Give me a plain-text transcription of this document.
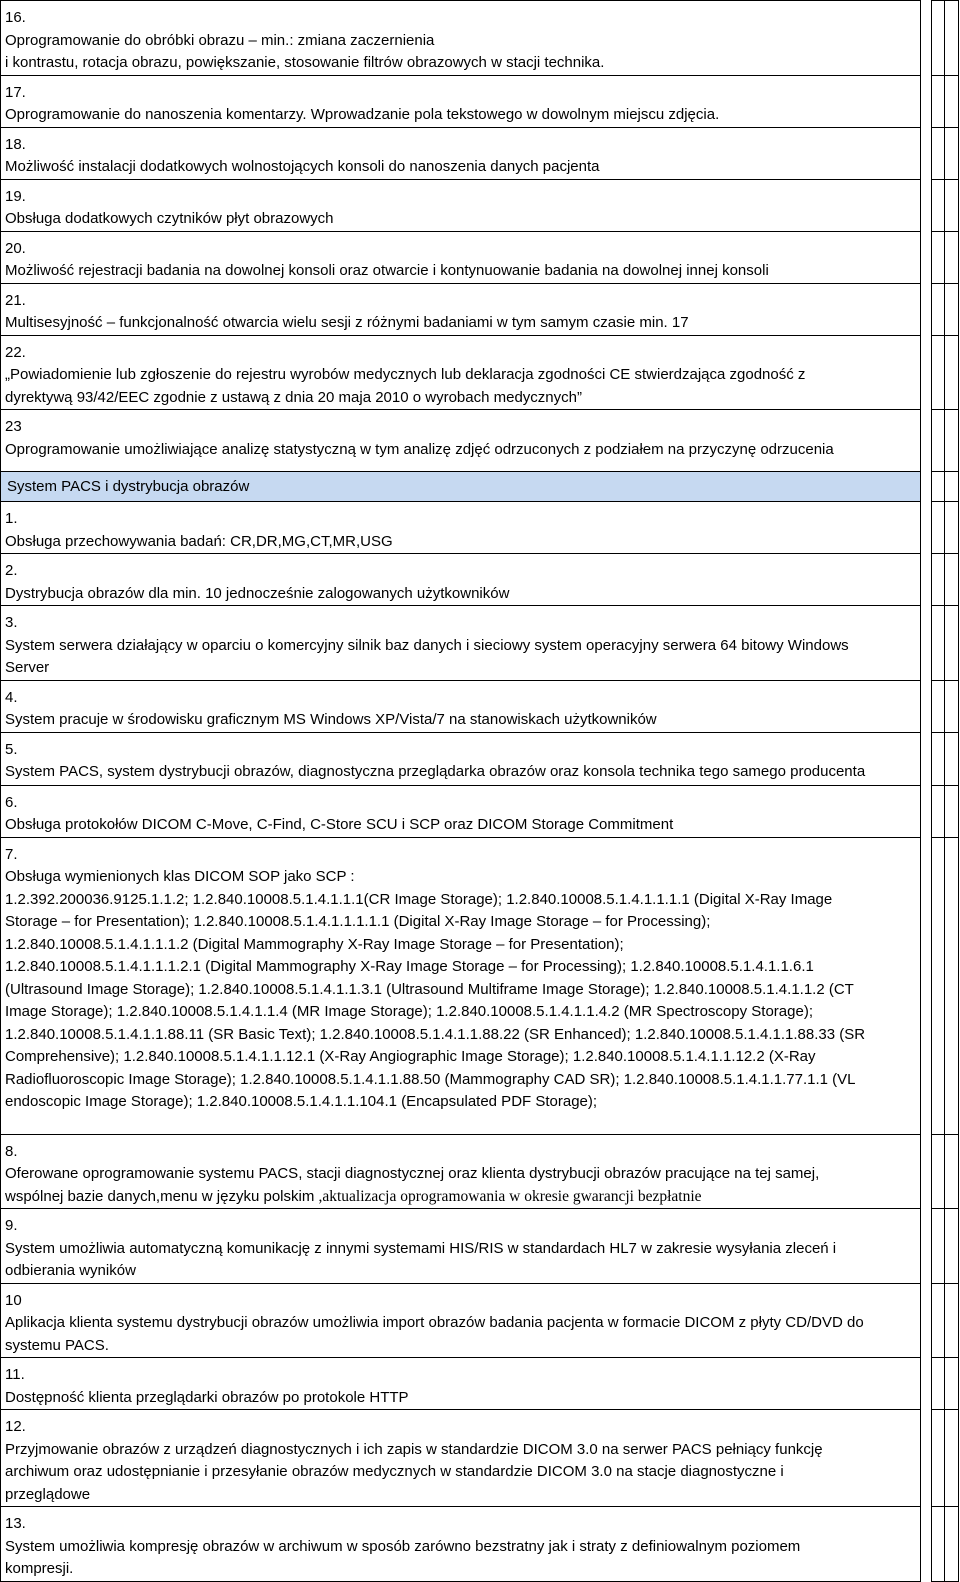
16.Oprogramowanie do obróbki obrazu – min.: zmiana zaczernienia
i kontrastu, rotacja obrazu, powiększanie, stosowanie filtrów obrazowych w stacji technika.			
17.Oprogramowanie do nanoszenia komentarzy. Wprowadzanie pola tekstowego w dowolnym miejscu zdjęcia.			
18.Możliwość instalacji dodatkowych wolnostojących konsoli do nanoszenia danych pacjenta			
19.Obsługa dodatkowych czytników płyt obrazowych			
20.Możliwość rejestracji badania na dowolnej konsoli oraz otwarcie i kontynuowanie badania na dowolnej innej konsoli			
21.Multisesyjność – funkcjonalność otwarcia wielu sesji z różnymi badaniami w tym samym czasie min. 17			
22.„Powiadomienie lub zgłoszenie do rejestru wyrobów medycznych lub deklaracja zgodności CE stwierdzająca zgodność z dyrektywą 93/42/EEC zgodnie z ustawą z dnia 20 maja 2010 o wyrobach medycznych”			
23Oprogramowanie umożliwiające analizę statystyczną w tym analizę zdjęć odrzuconych z podziałem na przyczynę odrzucenia			
System PACS i dystrybucja obrazów			
1.Obsługa przechowywania badań: CR,DR,MG,CT,MR,USG			
2.Dystrybucja obrazów dla min. 10 jednocześnie zalogowanych użytkowników			
3.System serwera działający w oparciu o komercyjny silnik baz danych i sieciowy system operacyjny serwera 64 bitowy Windows Server			
4.System pracuje w środowisku graficznym MS Windows XP/Vista/7 na stanowiskach użytkowników			
5.System PACS, system dystrybucji obrazów, diagnostyczna przeglądarka obrazów oraz konsola technika tego samego producenta			
6.Obsługa protokołów DICOM C-Move, C-Find, C-Store SCU i SCP oraz DICOM Storage Commitment			
7.Obsługa wymienionych klas DICOM SOP jako SCP :
1.2.392.200036.9125.1.1.2; 1.2.840.10008.5.1.4.1.1.1(CR Image Storage); 1.2.840.10008.5.1.4.1.1.1.1 (Digital X-Ray Image Storage – for Presentation); 1.2.840.10008.5.1.4.1.1.1.1.1 (Digital X-Ray Image Storage – for Processing); 1.2.840.10008.5.1.4.1.1.1.2 (Digital Mammography X-Ray Image Storage – for Presentation);
1.2.840.10008.5.1.4.1.1.1.2.1 (Digital Mammography X-Ray Image Storage – for Processing); 1.2.840.10008.5.1.4.1.1.6.1 (Ultrasound Image Storage); 1.2.840.10008.5.1.4.1.1.3.1 (Ultrasound Multiframe Image Storage); 1.2.840.10008.5.1.4.1.1.2 (CT Image Storage); 1.2.840.10008.5.1.4.1.1.4 (MR Image Storage); 1.2.840.10008.5.1.4.1.1.4.2 (MR Spectroscopy Storage); 1.2.840.10008.5.1.4.1.1.88.11 (SR Basic Text); 1.2.840.10008.5.1.4.1.1.88.22 (SR Enhanced); 1.2.840.10008.5.1.4.1.1.88.33 (SR Comprehensive); 1.2.840.10008.5.1.4.1.1.12.1 (X-Ray Angiographic Image Storage); 1.2.840.10008.5.1.4.1.1.12.2 (X-Ray Radiofluoroscopic Image Storage); 1.2.840.10008.5.1.4.1.1.88.50 (Mammography CAD SR); 1.2.840.10008.5.1.4.1.1.77.1.1 (VL endoscopic Image Storage); 1.2.840.10008.5.1.4.1.1.104.1 (Encapsulated PDF Storage);			
8.Oferowane oprogramowanie systemu PACS, stacji diagnostycznej oraz klienta dystrybucji obrazów pracujące na tej samej, wspólnej bazie danych,menu w języku polskim ,aktualizacja oprogramowania w okresie gwarancji bezpłatnie			
9.System umożliwia automatyczną komunikację z innymi systemami HIS/RIS w standardach HL7 w zakresie wysyłania zleceń i odbierania wyników			
10Aplikacja klienta systemu dystrybucji obrazów umożliwia import obrazów badania pacjenta w formacie DICOM z płyty CD/DVD do systemu PACS.			
11.Dostępność klienta przeglądarki obrazów po protokole HTTP			
12.Przyjmowanie obrazów z urządzeń diagnostycznych i ich zapis w standardzie DICOM 3.0 na serwer PACS pełniący funkcję archiwum oraz udostępnianie i przesyłanie obrazów medycznych w standardzie DICOM 3.0 na stacje diagnostyczne i przeglądowe			
13.System umożliwia kompresję obrazów w archiwum w sposób zarówno bezstratny jak i straty z definiowalnym poziomem kompresji.			
